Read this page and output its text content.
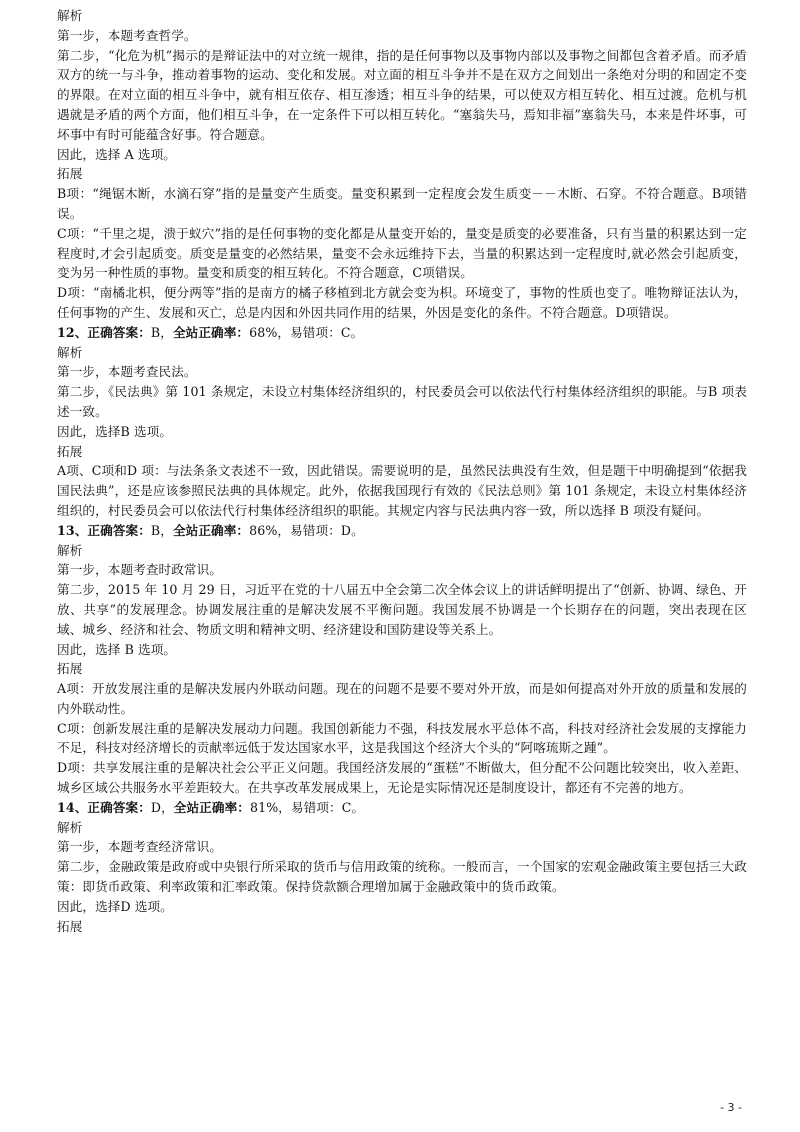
解析

第一步，本题考查哲学。

第二步，“化危为机”揭示的是辩证法中的对立统一规律，指的是任何事物以及事物内部以及事物之间都包含着矛盾。而矛盾双方的统一与斗争，推动着事物的运动、变化和发展。对立面的相互斗争并不是在双方之间划出一条绝对分明的和固定不变的界限。在对立面的相互斗争中，就有相互依存、相互渗透；相互斗争的结果，可以使双方相互转化、相互过渡。危机与机遇就是矛盾的两个方面，他们相互斗争，在一定条件下可以相互转化。“塞翁失马，焉知非福”塞翁失马，本来是件坏事，可坏事中有时可能蕴含好事。符合题意。

因此，选择 A 选项。

拓展

B项：“绳锯木断，水滴石穿”指的是量变产生质变。量变积累到一定程度会发生质变－－木断、石穿。不符合题意。B项错误。

C项：“千里之堤，溃于蚁穴”指的是任何事物的变化都是从量变开始的，量变是质变的必要准备，只有当量的积累达到一定程度时,才会引起质变。质变是量变的必然结果，量变不会永远维持下去，当量的积累达到一定程度时,就必然会引起质变，变为另一种性质的事物。量变和质变的相互转化。不符合题意，C项错误。

D项：“南橘北枳，便分两等”指的是南方的橘子移植到北方就会变为枳。环境变了，事物的性质也变了。唯物辩证法认为，任何事物的产生、发展和灭亡，总是内因和外因共同作用的结果，外因是变化的条件。不符合题意。D项错误。

12、正确答案：B，全站正确率：68%，易错项：C。

解析

第一步，本题考查民法。

第二步，《民法典》第 101 条规定，未设立村集体经济组织的，村民委员会可以依法代行村集体经济组织的职能。与B 项表述一致。

因此，选择B 选项。

拓展

A项、C项和D 项：与法条条文表述不一致，因此错误。需要说明的是，虽然民法典没有生效，但是题干中明确提到“依据我国民法典”，还是应该参照民法典的具体规定。此外，依据我国现行有效的《民法总则》第 101 条规定，未设立村集体经济组织的，村民委员会可以依法代行村集体经济组织的职能。其规定内容与民法典内容一致，所以选择 B 项没有疑问。

13、正确答案：B，全站正确率：86%，易错项：D。

解析

第一步，本题考查时政常识。

第二步，2015 年 10 月 29 日，习近平在党的十八届五中全会第二次全体会议上的讲话鲜明提出了“创新、协调、绿色、开放、共享”的发展理念。协调发展注重的是解决发展不平衡问题。我国发展不协调是一个长期存在的问题，突出表现在区域、城乡、经济和社会、物质文明和精神文明、经济建设和国防建设等关系上。

因此，选择 B 选项。

拓展

A项：开放发展注重的是解决发展内外联动问题。现在的问题不是要不要对外开放，而是如何提高对外开放的质量和发展的内外联动性。

C项：创新发展注重的是解决发展动力问题。我国创新能力不强，科技发展水平总体不高，科技对经济社会发展的支撑能力不足，科技对经济增长的贡献率远低于发达国家水平，这是我国这个经济大个头的“阿喀琉斯之踵”。

D项：共享发展注重的是解决社会公平正义问题。我国经济发展的“蛋糕”不断做大，但分配不公问题比较突出，收入差距、城乡区域公共服务水平差距较大。在共享改革发展成果上，无论是实际情况还是制度设计，都还有不完善的地方。

14、正确答案：D，全站正确率：81%，易错项：C。

解析

第一步，本题考查经济常识。

第二步，金融政策是政府或中央银行所采取的货币与信用政策的统称。一般而言，一个国家的宏观金融政策主要包括三大政策：即货币政策、利率政策和汇率政策。保持贷款额合理增加属于金融政策中的货币政策。

因此，选择D 选项。

拓展

- 3 -
